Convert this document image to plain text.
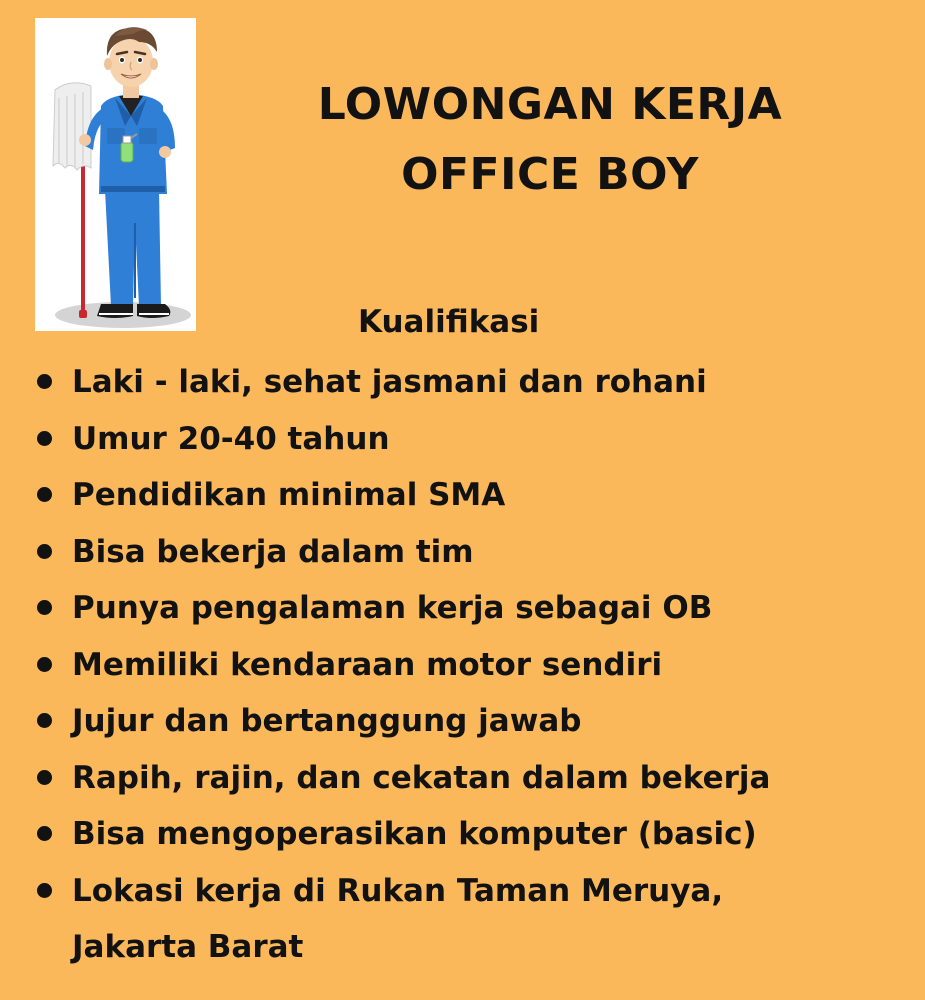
LOWONGAN KERJA
OFFICE BOY
Kualifikasi
Laki - laki, sehat jasmani dan rohani
Umur 20-40 tahun
Pendidikan minimal SMA
Bisa bekerja dalam tim
Punya pengalaman kerja sebagai OB
Memiliki kendaraan motor sendiri
Jujur dan bertanggung jawab
Rapih, rajin, dan cekatan dalam bekerja
Bisa mengoperasikan komputer (basic)
Lokasi kerja di Rukan Taman Meruya, Jakarta Barat
